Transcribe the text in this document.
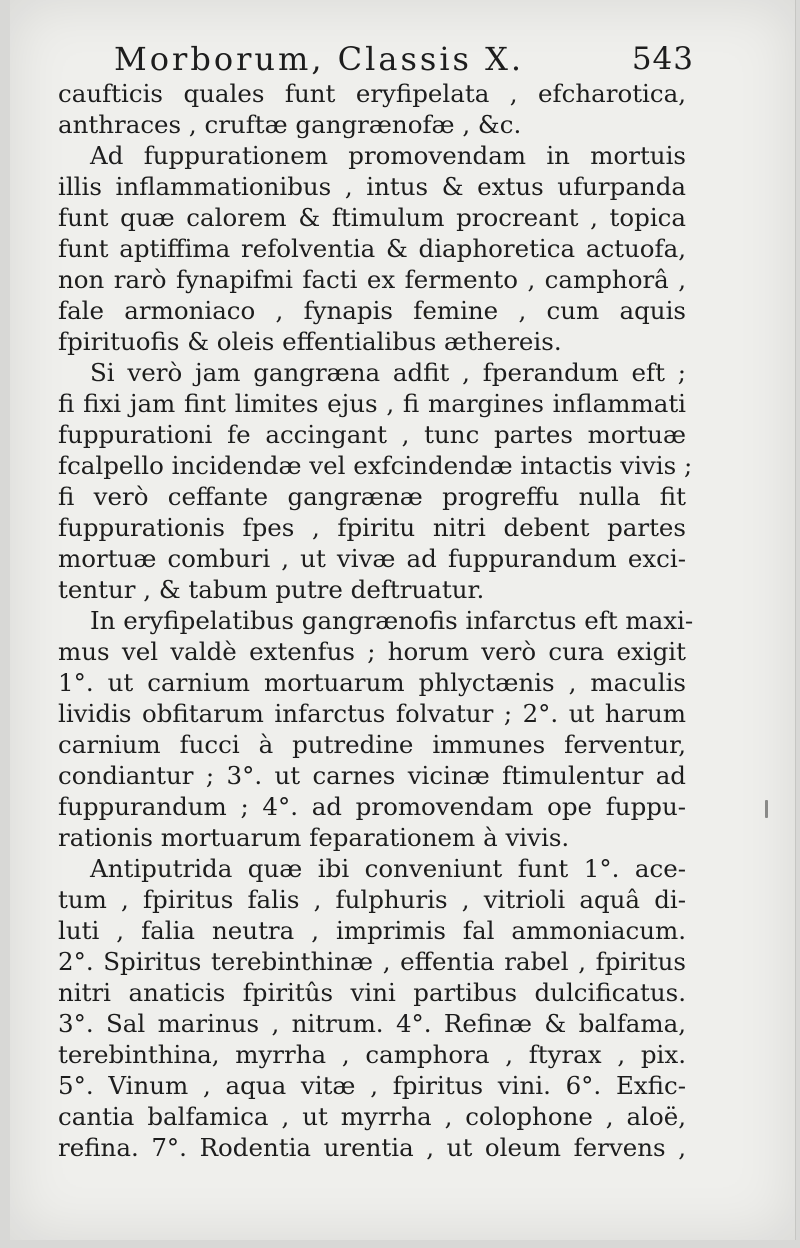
Morborum, Classis X.	543
caufticis quales funt eryfipelata , efcharotica,
anthraces , cruftæ gangrænofæ , &c.
Ad fuppurationem promovendam in mortuis
illis inflammationibus , intus & extus ufurpanda
funt quæ calorem & ftimulum procreant , topica
funt aptiffima refolventia & diaphoretica actuofa,
non rarò fynapifmi facti ex fermento , camphorâ ,
fale armoniaco , fynapis femine , cum aquis
fpirituofis & oleis effentialibus æthereis.
Si verò jam gangræna adfit , fperandum eft ;
fi fixi jam fint limites ejus , fi margines inflammati
fuppurationi fe accingant , tunc partes mortuæ
fcalpello incidendæ vel exfcindendæ intactis vivis ;
fi verò ceffante gangrænæ progreffu nulla fit
fuppurationis fpes , fpiritu nitri debent partes
mortuæ comburi , ut vivæ ad fuppurandum exci-
tentur , & tabum putre deftruatur.
In eryfipelatibus gangrænofis infarctus eft maxi-
mus vel valdè extenfus ; horum verò cura exigit
1°. ut carnium mortuarum phlyctænis , maculis
lividis obfitarum infarctus folvatur ; 2°. ut harum
carnium fucci à putredine immunes ferventur,
condiantur ; 3°. ut carnes vicinæ ftimulentur ad
fuppurandum ; 4°. ad promovendam ope fuppu-
rationis mortuarum feparationem à vivis.
Antiputrida quæ ibi conveniunt funt 1°. ace-
tum , fpiritus falis , fulphuris , vitrioli aquâ di-
luti , falia neutra , imprimis fal ammoniacum.
2°. Spiritus terebinthinæ , effentia rabel , fpiritus
nitri anaticis fpiritûs vini partibus dulcificatus.
3°. Sal marinus , nitrum. 4°. Refinæ & balfama,
terebinthina, myrrha , camphora , ftyrax , pix.
5°. Vinum , aqua vitæ , fpiritus vini. 6°. Exfic-
cantia balfamica , ut myrrha , colophone , aloë,
refina. 7°. Rodentia urentia , ut oleum fervens ,
